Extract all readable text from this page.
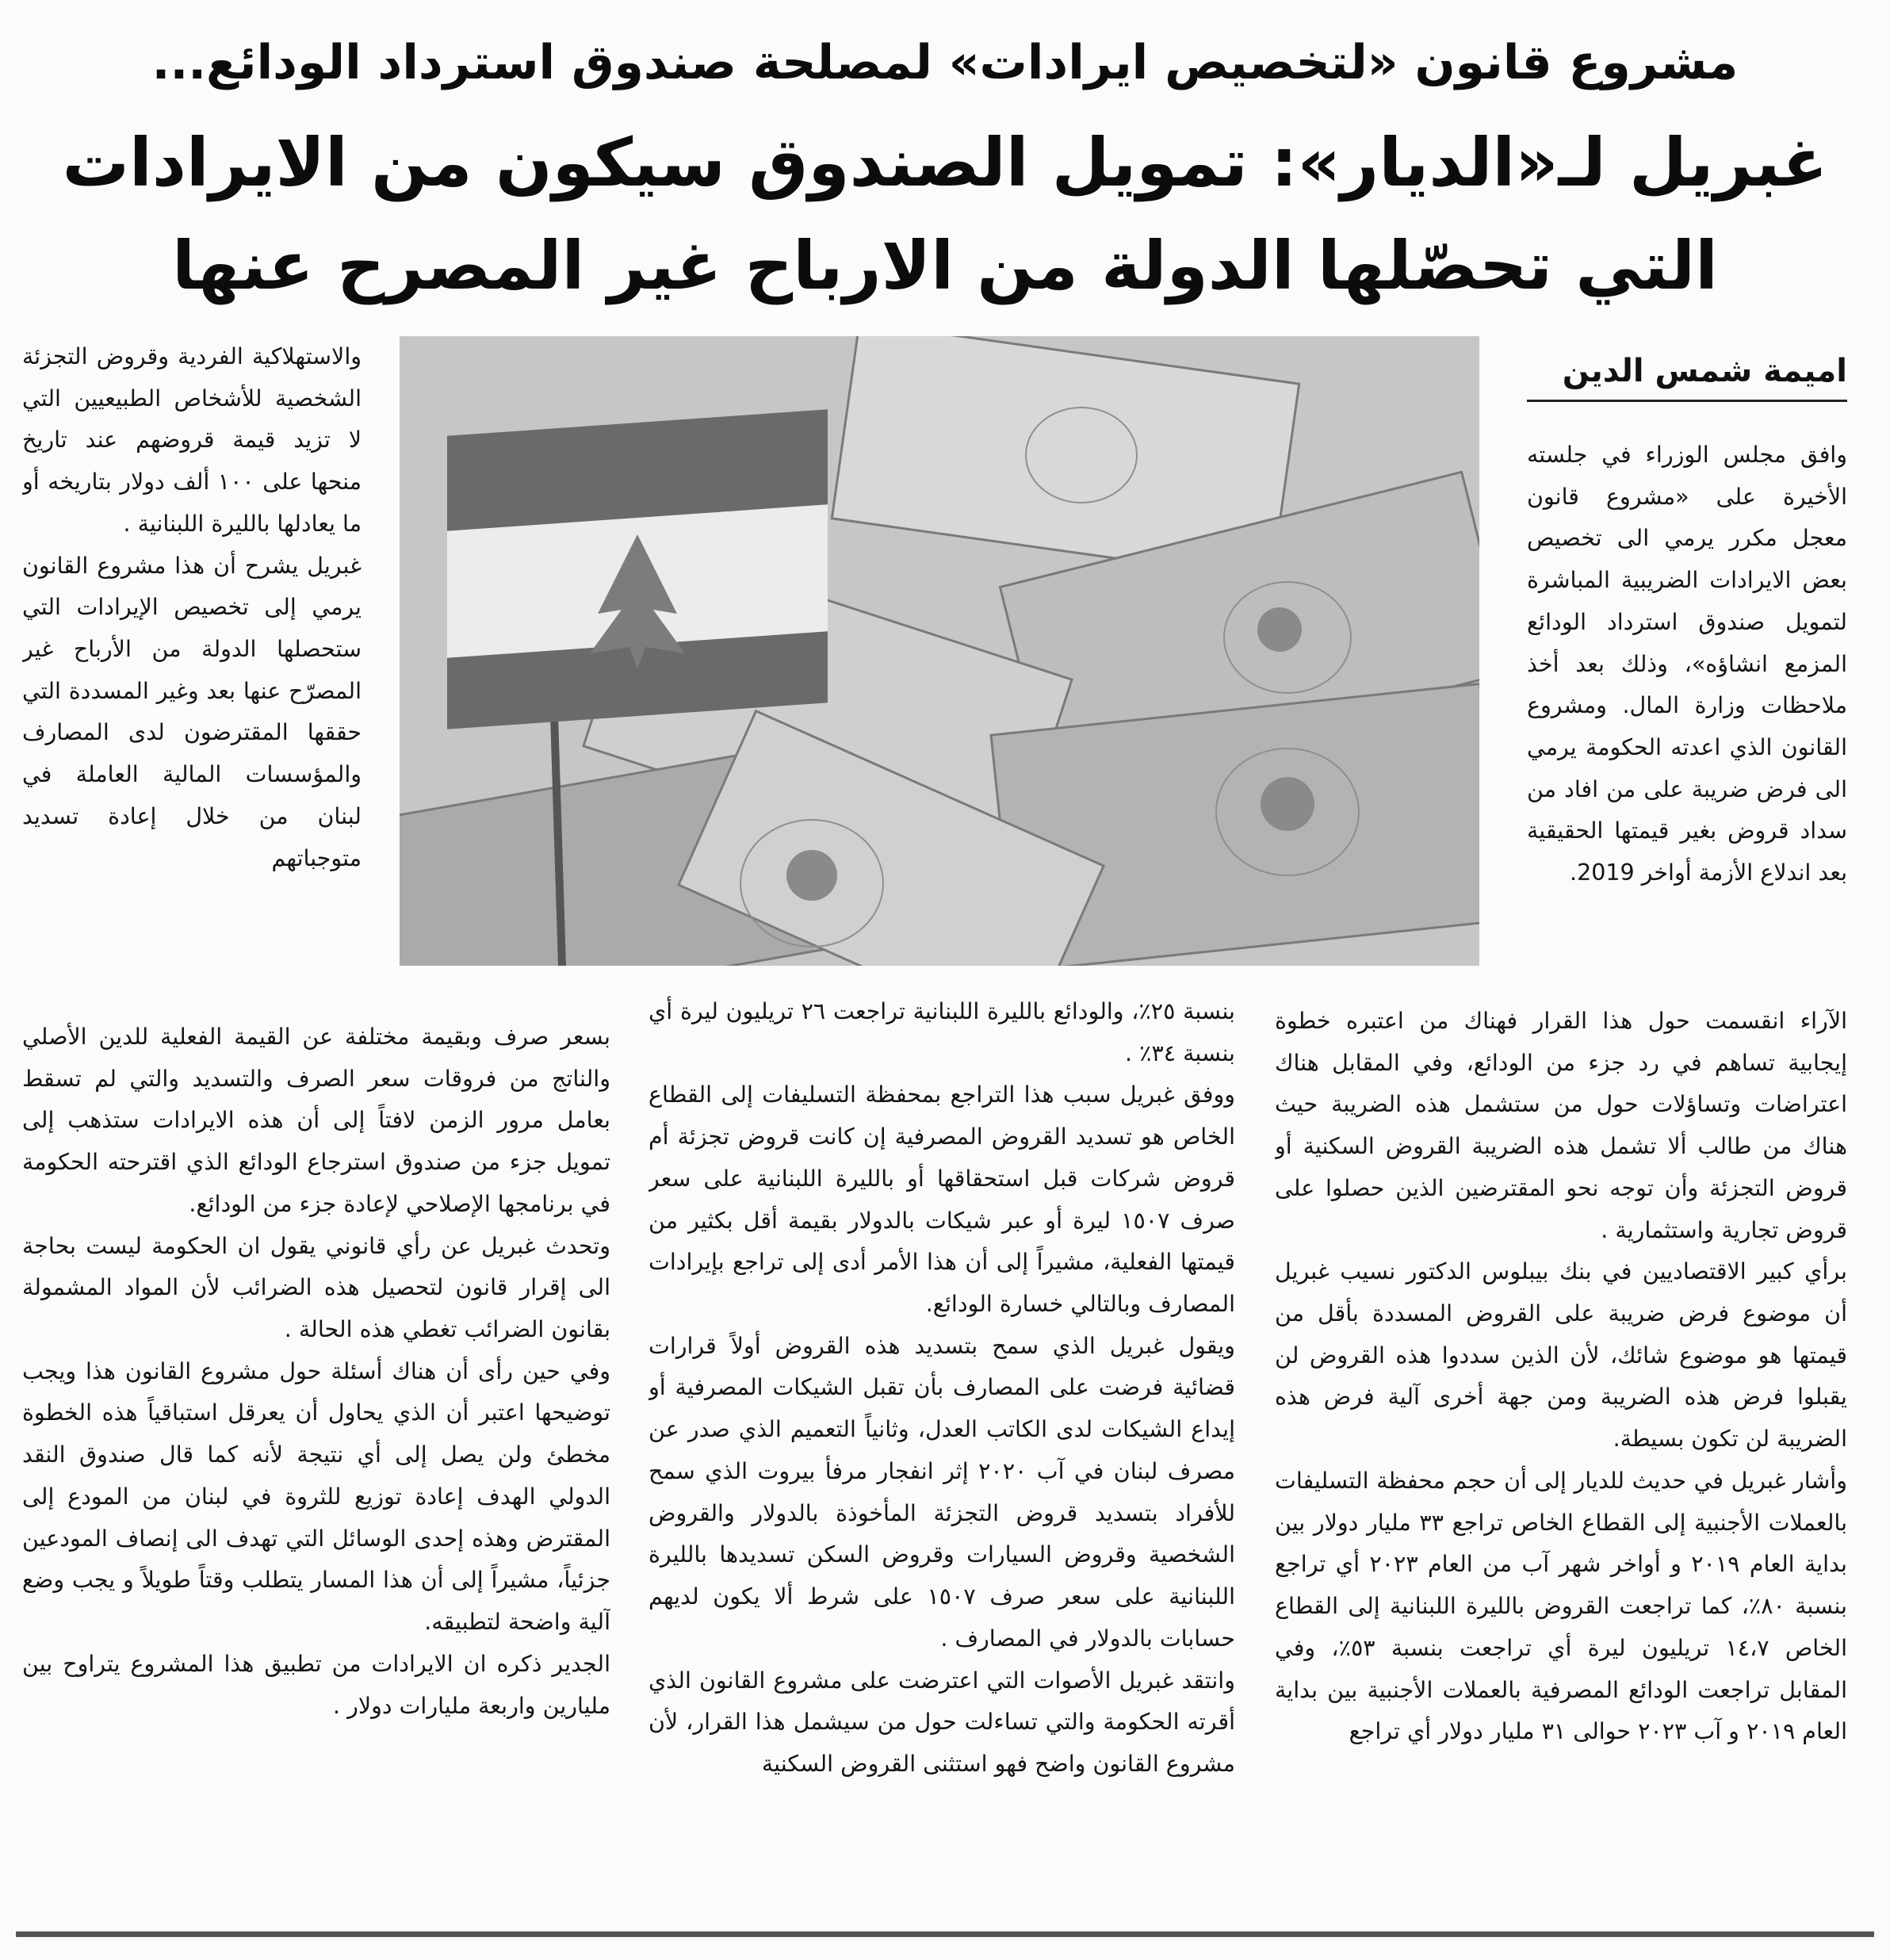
مشروع قانون «لتخصيص ايرادات» لمصلحة صندوق استرداد الودائع...
غبريل لـ«الديار»: تمويل الصندوق سيكون من الايرادات
التي تحصّلها الدولة من الارباح غير المصرح عنها
اميمة شمس الدين

وافق مجلس الوزراء في جلسته الأخيرة على «مشروع قانون معجل مكرر يرمي الى تخصيص بعض الايرادات الضريبية المباشرة لتمويل صندوق استرداد الودائع المزمع انشاؤه»، وذلك بعد أخذ ملاحظات وزارة المال. ومشروع القانون الذي اعدته الحكومة يرمي الى فرض ضريبة على من افاد من سداد قروض بغير قيمتها الحقيقية بعد اندلاع الأزمة أواخر 2019.

والاستهلاكية الفردية وقروض التجزئة الشخصية للأشخاص الطبيعيين التي لا تزيد قيمة قروضهم عند تاريخ منحها على ١٠٠ ألف دولار بتاريخه أو ما يعادلها بالليرة اللبنانية .

غبريل يشرح أن هذا مشروع القانون يرمي إلى تخصيص الإيرادات التي ستحصلها الدولة من الأرباح غير المصرّح عنها بعد وغير المسددة التي حققها المقترضون لدى المصارف والمؤسسات المالية العاملة في لبنان من خلال إعادة تسديد متوجباتهم

الآراء انقسمت حول هذا القرار فهناك من اعتبره خطوة إيجابية تساهم في رد جزء من الودائع، وفي المقابل هناك اعتراضات وتساؤلات حول من ستشمل هذه الضريبة حيث هناك من طالب ألا تشمل هذه الضريبة القروض السكنية أو قروض التجزئة وأن توجه نحو المقترضين الذين حصلوا على قروض تجارية واستثمارية .

برأي كبير الاقتصاديين في بنك بيبلوس الدكتور نسيب غبريل أن موضوع فرض ضريبة على القروض المسددة بأقل من قيمتها هو موضوع شائك، لأن الذين سددوا هذه القروض لن يقبلوا فرض هذه الضريبة ومن جهة أخرى آلية فرض هذه الضريبة لن تكون بسيطة.

وأشار غبريل في حديث للديار إلى أن حجم محفظة التسليفات بالعملات الأجنبية إلى القطاع الخاص تراجع ٣٣ مليار دولار بين بداية العام ٢٠١٩ و أواخر شهر آب من العام ٢٠٢٣ أي تراجع بنسبة ٨٠٪، كما تراجعت القروض بالليرة اللبنانية إلى القطاع الخاص ١٤،٧ تريليون ليرة أي تراجعت بنسبة ٥٣٪، وفي المقابل تراجعت الودائع المصرفية بالعملات الأجنبية بين بداية العام ٢٠١٩ و آب ٢٠٢٣ حوالى ٣١ مليار دولار أي تراجع

بنسبة ٢٥٪، والودائع بالليرة اللبنانية تراجعت ٢٦ تريليون ليرة أي بنسبة ٣٤٪ .

ووفق غبريل سبب هذا التراجع بمحفظة التسليفات إلى القطاع الخاص هو تسديد القروض المصرفية إن كانت قروض تجزئة أم قروض شركات قبل استحقاقها أو بالليرة اللبنانية على سعر صرف ١٥٠٧ ليرة أو عبر شيكات بالدولار بقيمة أقل بكثير من قيمتها الفعلية، مشيراً إلى أن هذا الأمر أدى إلى تراجع بإيرادات المصارف وبالتالي خسارة الودائع.

ويقول غبريل الذي سمح بتسديد هذه القروض أولاً قرارات قضائية فرضت على المصارف بأن تقبل الشيكات المصرفية أو إيداع الشيكات لدى الكاتب العدل، وثانياً التعميم الذي صدر عن مصرف لبنان في آب ٢٠٢٠ إثر انفجار مرفأ بيروت الذي سمح للأفراد بتسديد قروض التجزئة المأخوذة بالدولار والقروض الشخصية وقروض السيارات وقروض السكن تسديدها بالليرة اللبنانية على سعر صرف ١٥٠٧ على شرط ألا يكون لديهم حسابات بالدولار في المصارف .

وانتقد غبريل الأصوات التي اعترضت على مشروع القانون الذي أقرته الحكومة والتي تساءلت حول من سيشمل هذا القرار، لأن مشروع القانون واضح فهو استثنى القروض السكنية

بسعر صرف وبقيمة مختلفة عن القيمة الفعلية للدين الأصلي والناتج من فروقات سعر الصرف والتسديد والتي لم تسقط بعامل مرور الزمن لافتاً إلى أن هذه الايرادات ستذهب إلى تمويل جزء من صندوق استرجاع الودائع الذي اقترحته الحكومة في برنامجها الإصلاحي لإعادة جزء من الودائع.

وتحدث غبريل عن رأي قانوني يقول ان الحكومة ليست بحاجة الى إقرار قانون لتحصيل هذه الضرائب لأن المواد المشمولة بقانون الضرائب تغطي هذه الحالة .

وفي حين رأى أن هناك أسئلة حول مشروع القانون هذا ويجب توضيحها اعتبر أن الذي يحاول أن يعرقل استباقياً هذه الخطوة مخطئ ولن يصل إلى أي نتيجة لأنه كما قال صندوق النقد الدولي الهدف إعادة توزيع للثروة في لبنان من المودع إلى المقترض وهذه إحدى الوسائل التي تهدف الى إنصاف المودعين جزئياً، مشيراً إلى أن هذا المسار يتطلب وقتاً طويلاً و يجب وضع آلية واضحة لتطبيقه.

الجدير ذكره ان الايرادات من تطبيق هذا المشروع يتراوح بين مليارين واربعة مليارات دولار .
